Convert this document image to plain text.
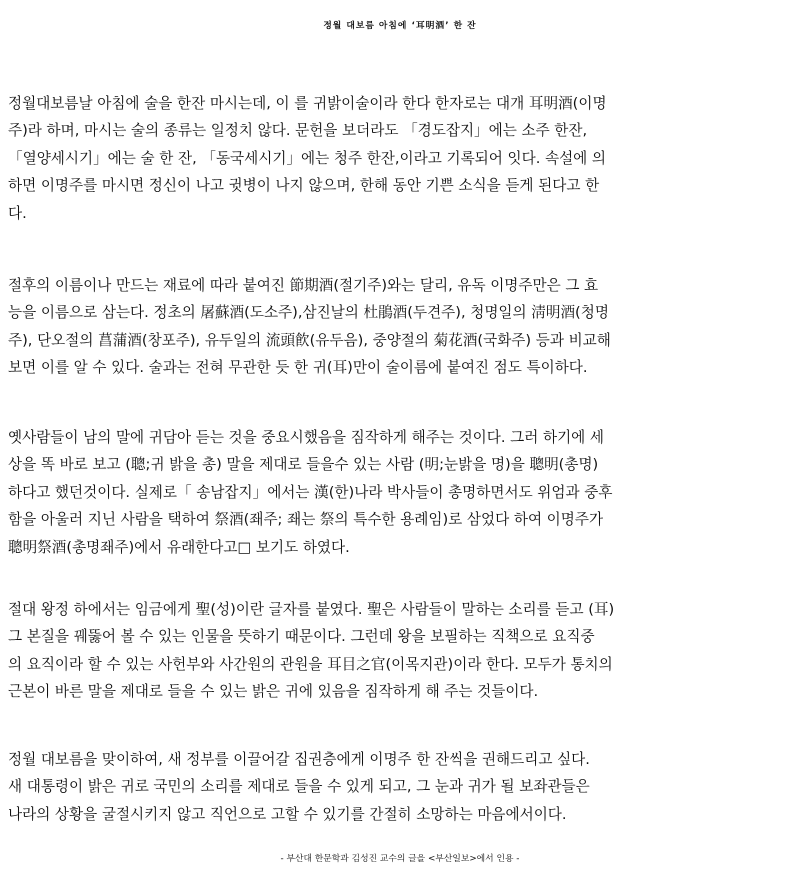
정월 대보름 아침에 ‘耳明酒’ 한 잔
정월대보름날 아침에 술을 한잔 마시는데, 이 를 귀밝이술이라 한다 한자로는 대개 耳明酒(이명
주)라 하며, 마시는 술의 종류는 일정치 않다. 문헌을 보더라도 「경도잡지」에는 소주 한잔,
「열양세시기」에는 술 한 잔, 「동국세시기」에는 청주 한잔,이라고 기록되어 잇다. 속설에 의
하면 이명주를 마시면 정신이 나고 귓병이 나지 않으며, 한해 동안 기쁜 소식을 듣게 된다고 한
다.
절후의 이름이나 만드는 재료에 따라 붙여진 節期酒(절기주)와는 달리, 유독 이명주만은 그 효
능을 이름으로 삼는다. 정초의 屠蘇酒(도소주),삼진날의 杜鵑酒(두견주), 청명일의 淸明酒(청명
주), 단오절의 菖蒲酒(창포주), 유두일의 流頭飮(유두음), 중양절의 菊花酒(국화주) 등과 비교해
보면 이를 알 수 있다. 술과는 전혀 무관한 듯 한 귀(耳)만이 술이름에 붙여진 점도 특이하다.
옛사람들이 남의 말에 귀담아 듣는 것을 중요시했음을 짐작하게 해주는 것이다. 그러 하기에 세
상을 똑 바로 보고 (聰;귀 밝을 총) 말을 제대로 들을수 있는 사람 (明;눈밝을 명)을 聰明(총명)
하다고 했던것이다. 실제로「 송남잡지」에서는 漢(한)나라 박사들이 총명하면서도 위엄과 중후
함을 아울러 지닌 사람을 택하여 祭酒(좨주; 좨는 祭의 특수한 용례임)로 삼었다 하여 이명주가
聰明祭酒(총명좨주)에서 유래한다고□ 보기도 하였다.
절대 왕정 하에서는 임금에게 聖(성)이란 글자를 붙였다. 聖은 사람들이 말하는 소리를 듣고 (耳)
그 본질을 꿰뚫어 볼 수 있는 인물을 뜻하기 때문이다. 그런데 왕을 보필하는 직책으로 요직중
의 요직이라 할 수 있는 사헌부와 사간원의 관원을 耳目之官(이목지관)이라 한다. 모두가 통치의
근본이 바른 말을 제대로 들을 수 있는 밝은 귀에 있음을 짐작하게 해 주는 것들이다.
정월 대보름을 맞이하여, 새 정부를 이끌어갈 집권층에게 이명주 한 잔씩을 권해드리고 싶다.
새 대통령이 밝은 귀로 국민의 소리를 제대로 들을 수 있게 되고, 그 눈과 귀가 될 보좌관들은
나라의 상황을 굴절시키지 않고 직언으로 고할 수 있기를 간절히 소망하는 마음에서이다.
- 부산대 한문학과 김성진 교수의 글을 <부산일보>에서 인용 -
